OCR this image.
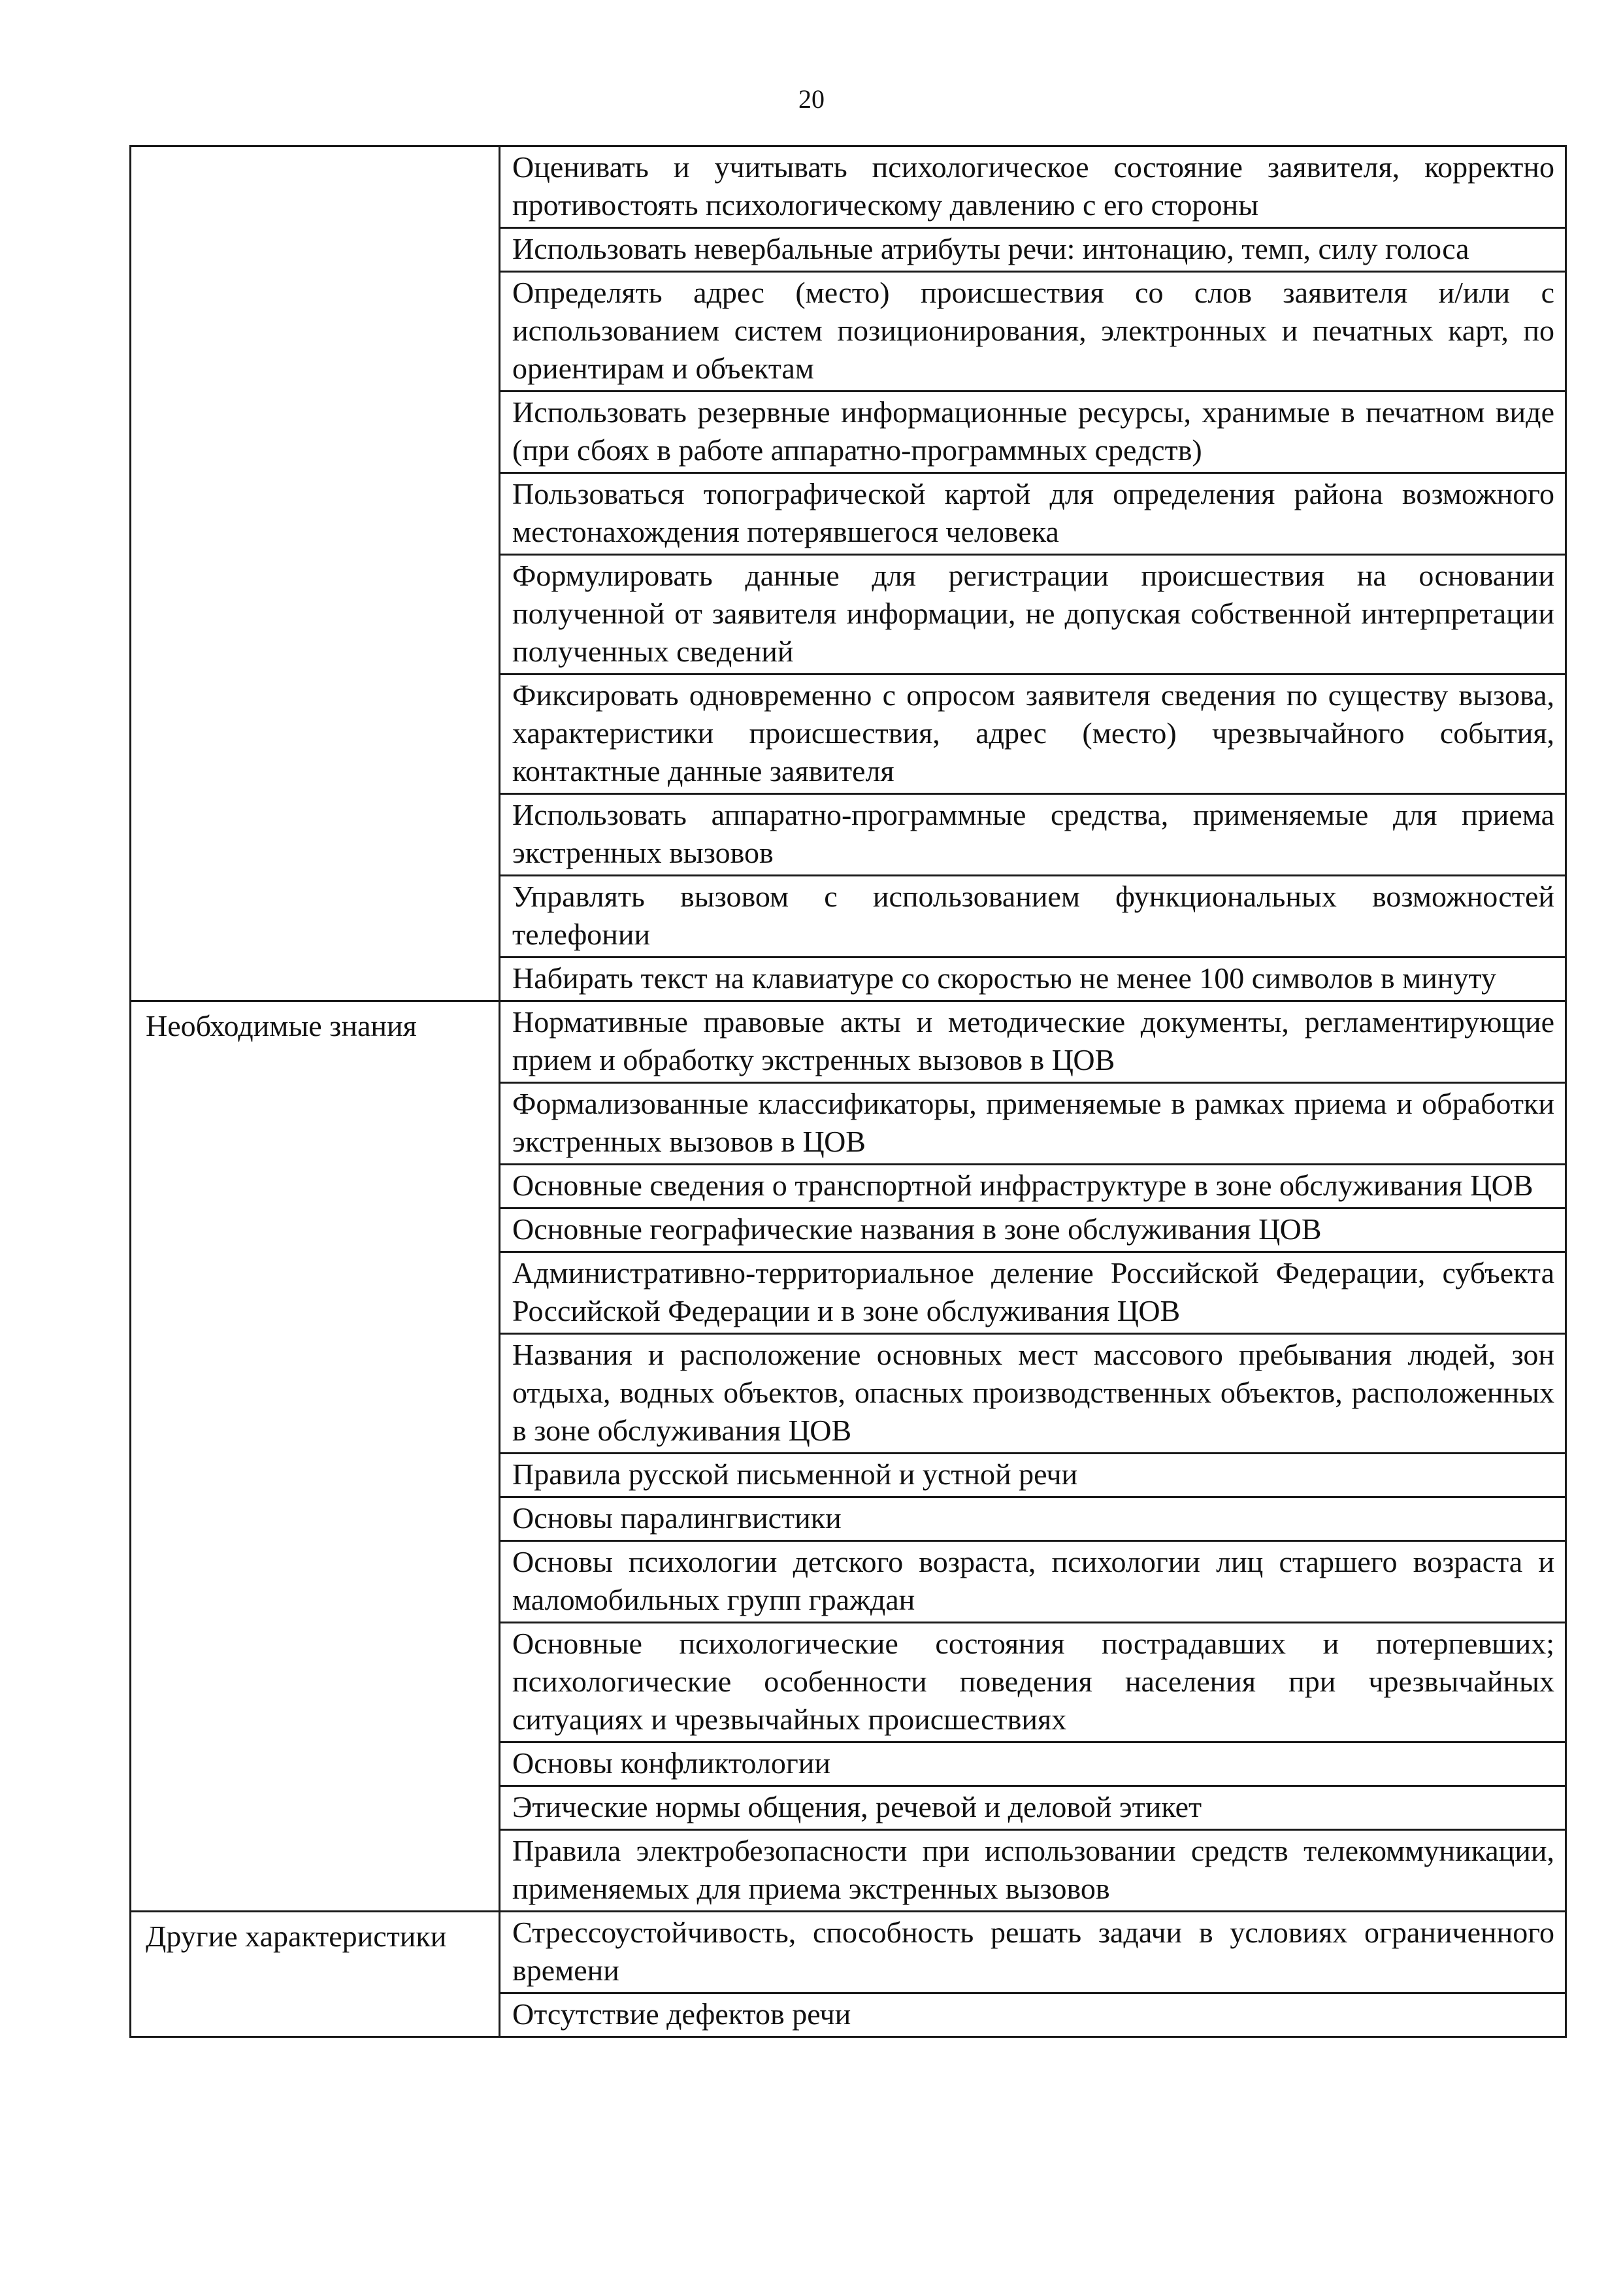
20
Оценивать и учитывать психологическое состояние заявителя, корректно противостоять психологическому давлению с его стороны
Использовать невербальные атрибуты речи: интонацию, темп, силу голоса
Определять адрес (место) происшествия со слов заявителя и/или с использованием систем позиционирования, электронных и печатных карт, по ориентирам и объектам
Использовать резервные информационные ресурсы, хранимые в печатном виде (при сбоях в работе аппаратно-программных средств)
Пользоваться топографической картой для определения района возможного местонахождения потерявшегося человека
Формулировать данные для регистрации происшествия на основании полученной от заявителя информации, не допуская собственной интерпретации полученных сведений
Фиксировать одновременно с опросом заявителя сведения по существу вызова, характеристики происшествия, адрес (место) чрезвычайного события, контактные данные заявителя
Использовать аппаратно-программные средства, применяемые для приема экстренных вызовов
Управлять вызовом с использованием функциональных возможностей телефонии
Набирать текст на клавиатуре со скоростью не менее 100 символов в минуту
Необходимые знания	Нормативные правовые акты и методические документы, регламентирующие прием и обработку экстренных вызовов в ЦОВ
Формализованные классификаторы, применяемые в рамках приема и обработки экстренных вызовов в ЦОВ
Основные сведения о транспортной инфраструктуре в зоне обслуживания ЦОВ
Основные географические названия в зоне обслуживания ЦОВ
Административно-территориальное деление Российской Федерации, субъекта Российской Федерации и в зоне обслуживания ЦОВ
Названия и расположение основных мест массового пребывания людей, зон отдыха, водных объектов, опасных производственных объектов, расположенных в зоне обслуживания ЦОВ
Правила русской письменной и устной речи
Основы паралингвистики
Основы психологии детского возраста, психологии лиц старшего возраста и маломобильных групп граждан
Основные психологические состояния пострадавших и потерпевших; психологические особенности поведения населения при чрезвычайных ситуациях и чрезвычайных происшествиях
Основы конфликтологии
Этические нормы общения, речевой и деловой этикет
Правила электробезопасности при использовании средств телекоммуникации, применяемых для приема экстренных вызовов
Другие характеристики	Стрессоустойчивость, способность решать задачи в условиях ограниченного времени
Отсутствие дефектов речи
